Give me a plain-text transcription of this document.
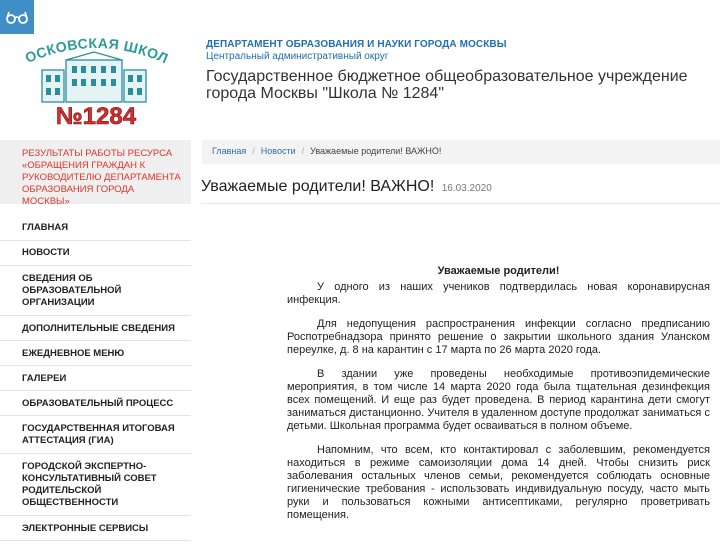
ОСКОВСКАЯ ШКОЛ
№1284
ДЕПАРТАМЕНТ ОБРАЗОВАНИЯ И НАУКИ ГОРОДА МОСКВЫ
Центральный административный округ
Государственное бюджетное общеобразовательное учреждение города Москвы "Школа № 1284"
РЕЗУЛЬТАТЫ РАБОТЫ РЕСУРСА «ОБРАЩЕНИЯ ГРАЖДАН К РУКОВОДИТЕЛЮ ДЕПАРТАМЕНТА ОБРАЗОВАНИЯ ГОРОДА МОСКВЫ»
ГЛАВНАЯ
НОВОСТИ
СВЕДЕНИЯ ОБ ОБРАЗОВАТЕЛЬНОЙ ОРГАНИЗАЦИИ
ДОПОЛНИТЕЛЬНЫЕ СВЕДЕНИЯ
ЕЖЕДНЕВНОЕ МЕНЮ
ГАЛЕРЕИ
ОБРАЗОВАТЕЛЬНЫЙ ПРОЦЕСС
ГОСУДАРСТВЕННАЯ ИТОГОВАЯ АТТЕСТАЦИЯ (ГИА)
ГОРОДСКОЙ ЭКСПЕРТНО-КОНСУЛЬТАТИВНЫЙ СОВЕТ РОДИТЕЛЬСКОЙ ОБЩЕСТВЕННОСТИ
ЭЛЕКТРОННЫЕ СЕРВИСЫ
Главная / Новости / Уважаемые родители! ВАЖНО!
Уважаемые родители! ВАЖНО! 16.03.2020
Уважаемые родители!

У одного из наших учеников подтвердилась новая коронавирусная инфекция.

Для недопущения распространения инфекции согласно предписанию Роспотребнадзора принято решение о закрытии школьного здания Уланском переулке, д. 8 на карантин с 17 марта по 26 марта 2020 года.

В здании уже проведены необходимые противоэпидемические мероприятия, в том числе 14 марта 2020 года была тщательная дезинфекция всех помещений. И еще раз будет проведена. В период карантина дети смогут заниматься дистанционно. Учителя в удаленном доступе продолжат заниматься с детьми. Школьная программа будет осваиваться в полном объеме.

Напомним, что всем, кто контактировал с заболевшим, рекомендуется находиться в режиме самоизоляции дома 14 дней. Чтобы снизить риск заболевания остальных членов семьи, рекомендуется соблюдать основные гигиенические требования - использовать индивидуальную посуду, часто мыть руки и пользоваться кожными антисептиками, регулярно проветривать помещения.
